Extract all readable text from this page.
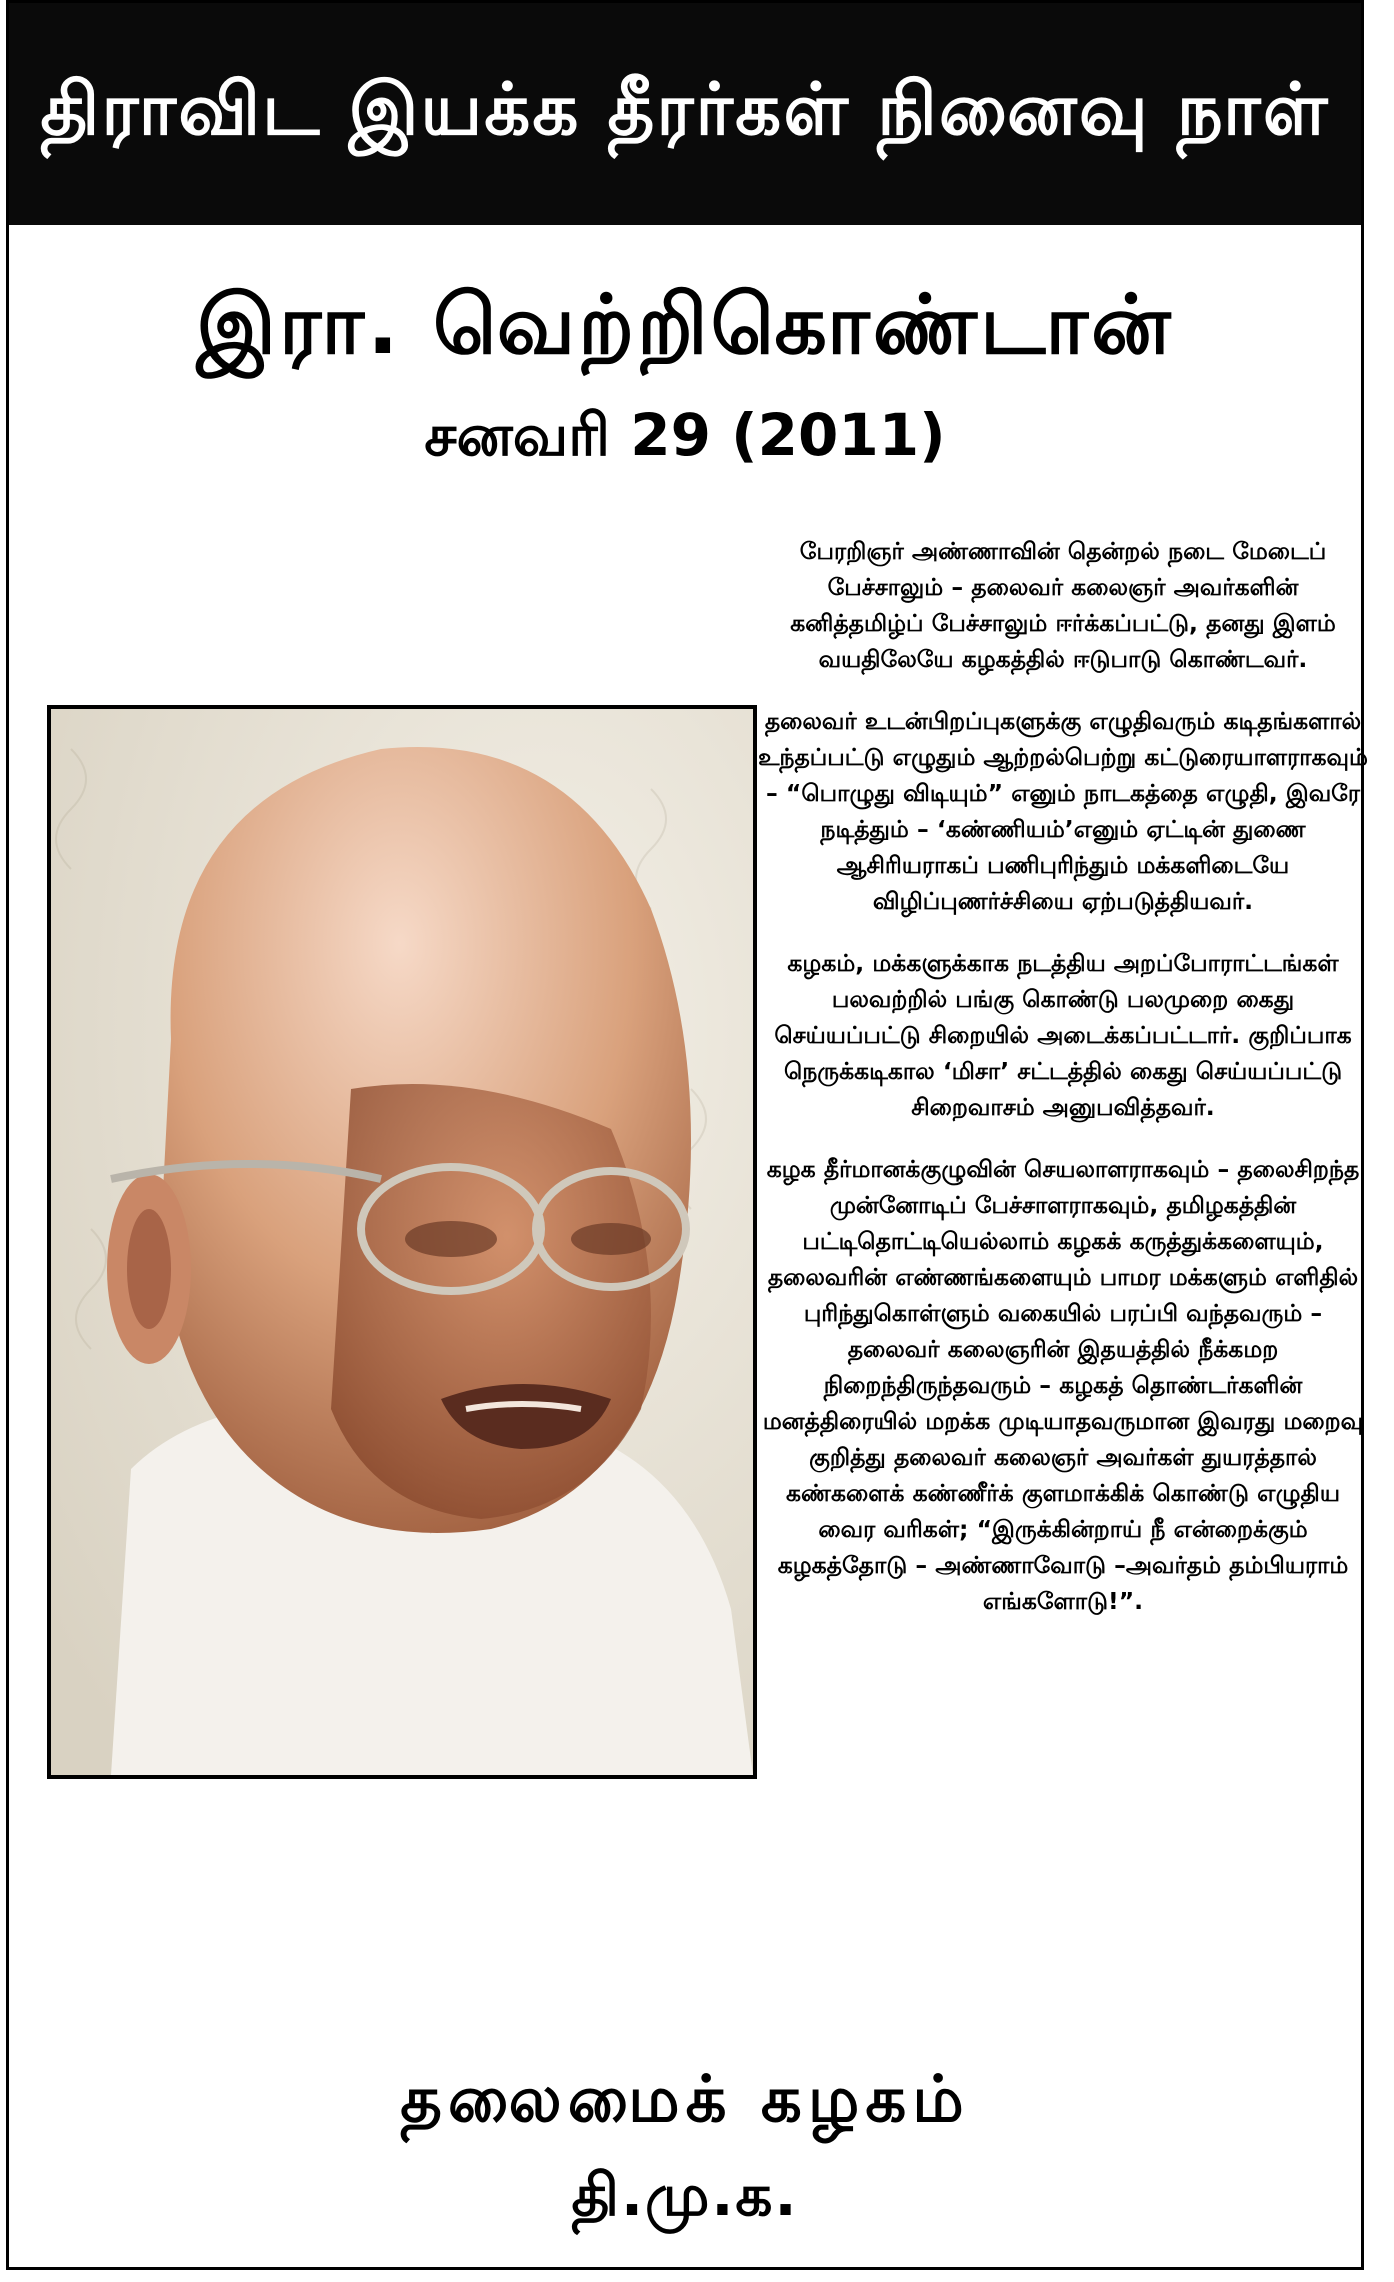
திராவிட இயக்க தீரர்கள் நினைவு நாள்
இரா. வெற்றிகொண்டான்
சனவரி 29 (2011)

பேரறிஞர் அண்ணாவின் தென்றல் நடை மேடைப் பேச்சாலும் – தலைவர் கலைஞர் அவர்களின் கனித்தமிழ்ப் பேச்சாலும் ஈர்க்கப்பட்டு, தனது இளம் வயதிலேயே கழகத்தில் ஈடுபாடு கொண்டவர்.

தலைவர் உடன்பிறப்புகளுக்கு எழுதிவரும் கடிதங்களால் உந்தப்பட்டு எழுதும் ஆற்றல்பெற்று கட்டுரையாளராகவும் – “பொழுது விடியும்” எனும் நாடகத்தை எழுதி, இவரே நடித்தும் – ‘கண்ணியம்’எனும் ஏட்டின் துணை ஆசிரியராகப் பணிபுரிந்தும் மக்களிடையே விழிப்புணர்ச்சியை ஏற்படுத்தியவர்.

கழகம், மக்களுக்காக நடத்திய அறப்போராட்டங்கள் பலவற்றில் பங்கு கொண்டு பலமுறை கைது செய்யப்பட்டு சிறையில் அடைக்கப்பட்டார். குறிப்பாக நெருக்கடிகால ‘மிசா’ சட்டத்தில் கைது செய்யப்பட்டு சிறைவாசம் அனுபவித்தவர்.

கழக தீர்மானக்குழுவின் செயலாளராகவும் – தலைசிறந்த முன்னோடிப் பேச்சாளராகவும், தமிழகத்தின் பட்டிதொட்டியெல்லாம் கழகக் கருத்துக்களையும், தலைவரின் எண்ணங்களையும் பாமர மக்களும் எளிதில் புரிந்துகொள்ளும் வகையில் பரப்பி வந்தவரும் – தலைவர் கலைஞரின் இதயத்தில் நீக்கமற நிறைந்திருந்தவரும் – கழகத் தொண்டர்களின் மனத்திரையில் மறக்க முடியாதவருமான இவரது மறைவு குறித்து தலைவர் கலைஞர் அவர்கள் துயரத்தால் கண்களைக் கண்ணீர்க் குளமாக்கிக் கொண்டு எழுதிய வைர வரிகள்; “இருக்கின்றாய் நீ என்றைக்கும் கழகத்தோடு – அண்ணாவோடு –அவர்தம் தம்பியராம் எங்களோடு!”.

தலைமைக் கழகம்
தி.மு.க.
